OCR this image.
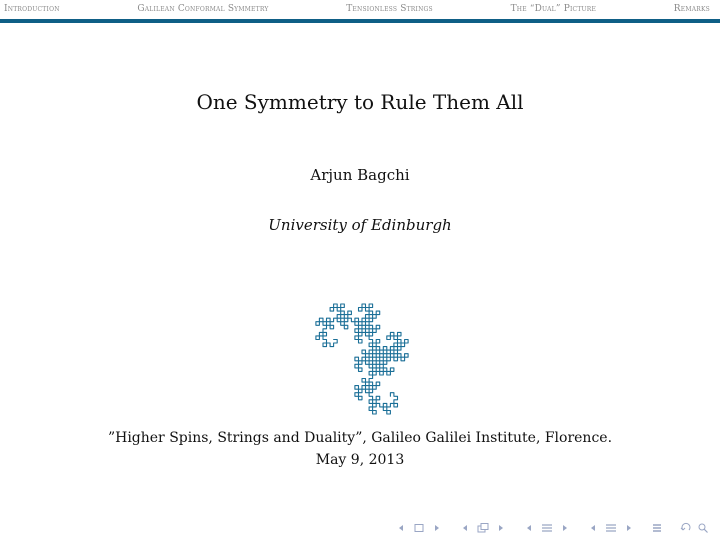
Introduction	Galilean Conformal Symmetry	Tensionless Strings	The “Dual” Picture	Remarks
One Symmetry to Rule Them All
Arjun Bagchi
University of Edinburgh
”Higher Spins, Strings and Duality”, Galileo Galilei Institute, Florence.
May 9, 2013
